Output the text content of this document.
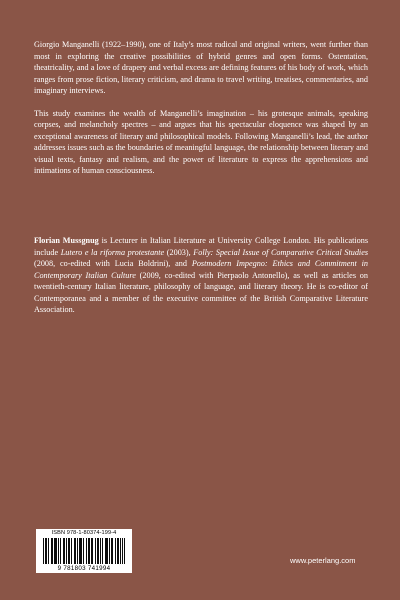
Giorgio Manganelli (1922–1990), one of Italy’s most radical and original writers, went further than most in exploring the creative possibilities of hybrid genres and open forms. Ostentation, theatricality, and a love of drapery and verbal excess are defining features of his body of work, which ranges from prose fiction, literary criticism, and drama to travel writing, treatises, commentaries, and imaginary interviews.

This study examines the wealth of Manganelli’s imagination – his grotesque animals, speaking corpses, and melancholy spectres – and argues that his spectacular eloquence was shaped by an exceptional awareness of literary and philosophical models. Following Manganelli’s lead, the author addresses issues such as the boundaries of meaningful language, the relationship between literary and visual texts, fantasy and realism, and the power of literature to express the apprehensions and intimations of human consciousness.

Florian Mussgnug is Lecturer in Italian Literature at University College London. His publications include Lutero e la riforma protestante (2003), Folly: Special Issue of Comparative Critical Studies (2008, co-edited with Lucia Boldrini), and Postmodern Impegno: Ethics and Commitment in Contemporary Italian Culture (2009, co-edited with Pierpaolo Antonello), as well as articles on twentieth-century Italian literature, philosophy of language, and literary theory. He is co-editor of Contemporanea and a member of the executive committee of the British Comparative Literature Association.

ISBN 978-1-80374-199-4
9 781803 741994
www.peterlang.com
